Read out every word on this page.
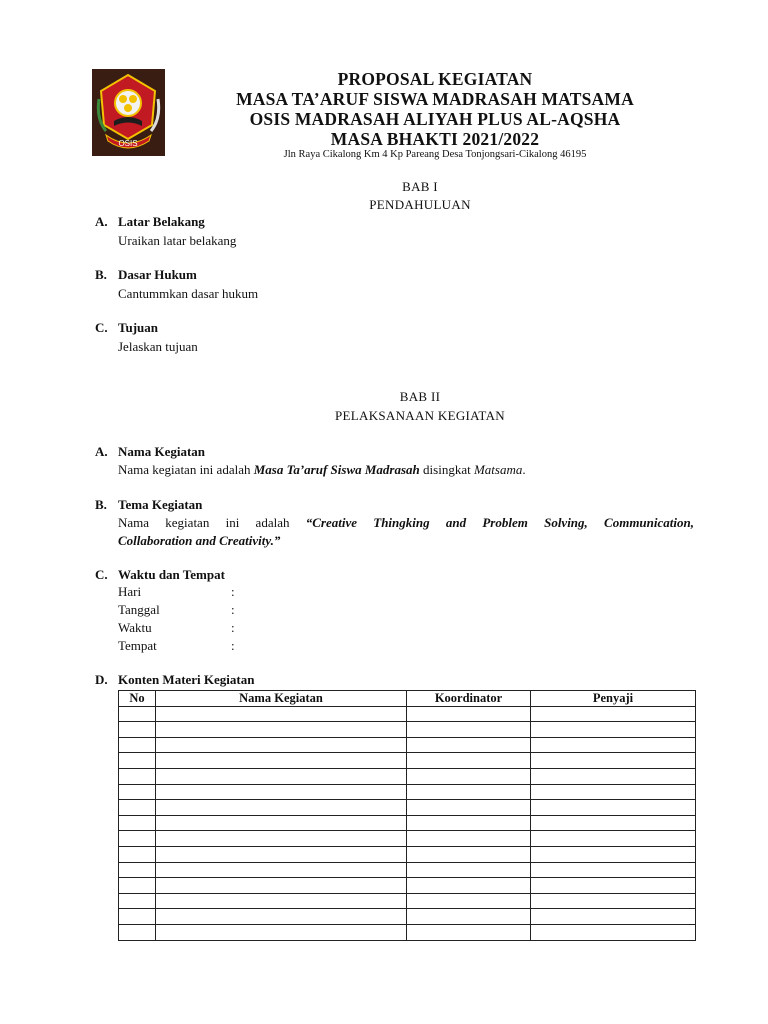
OSIS
PROPOSAL KEGIATAN
MASA TA’ARUF SISWA MADRASAH MATSAMA
OSIS MADRASAH ALIYAH PLUS AL-AQSHA
MASA BHAKTI 2021/2022
Jln Raya Cikalong Km 4 Kp Pareang Desa Tonjongsari-Cikalong 46195
BAB I
PENDAHULUAN
A. Latar Belakang
Uraikan latar belakang
B. Dasar Hukum
Cantummkan dasar hukum
C. Tujuan
Jelaskan tujuan
BAB II
PELAKSANAAN KEGIATAN
A. Nama Kegiatan
Nama kegiatan ini adalah Masa Ta’aruf Siswa Madrasah disingkat Matsama.
B. Tema Kegiatan
Nama kegiatan ini adalah “Creative Thingking and Problem Solving, Communication,
Collaboration and Creativity.”
C. Waktu dan Tempat
Hari	:
Tanggal	:
Waktu	:
Tempat	:
D. Konten Materi Kegiatan
No	Nama Kegiatan	Koordinator	Penyaji
